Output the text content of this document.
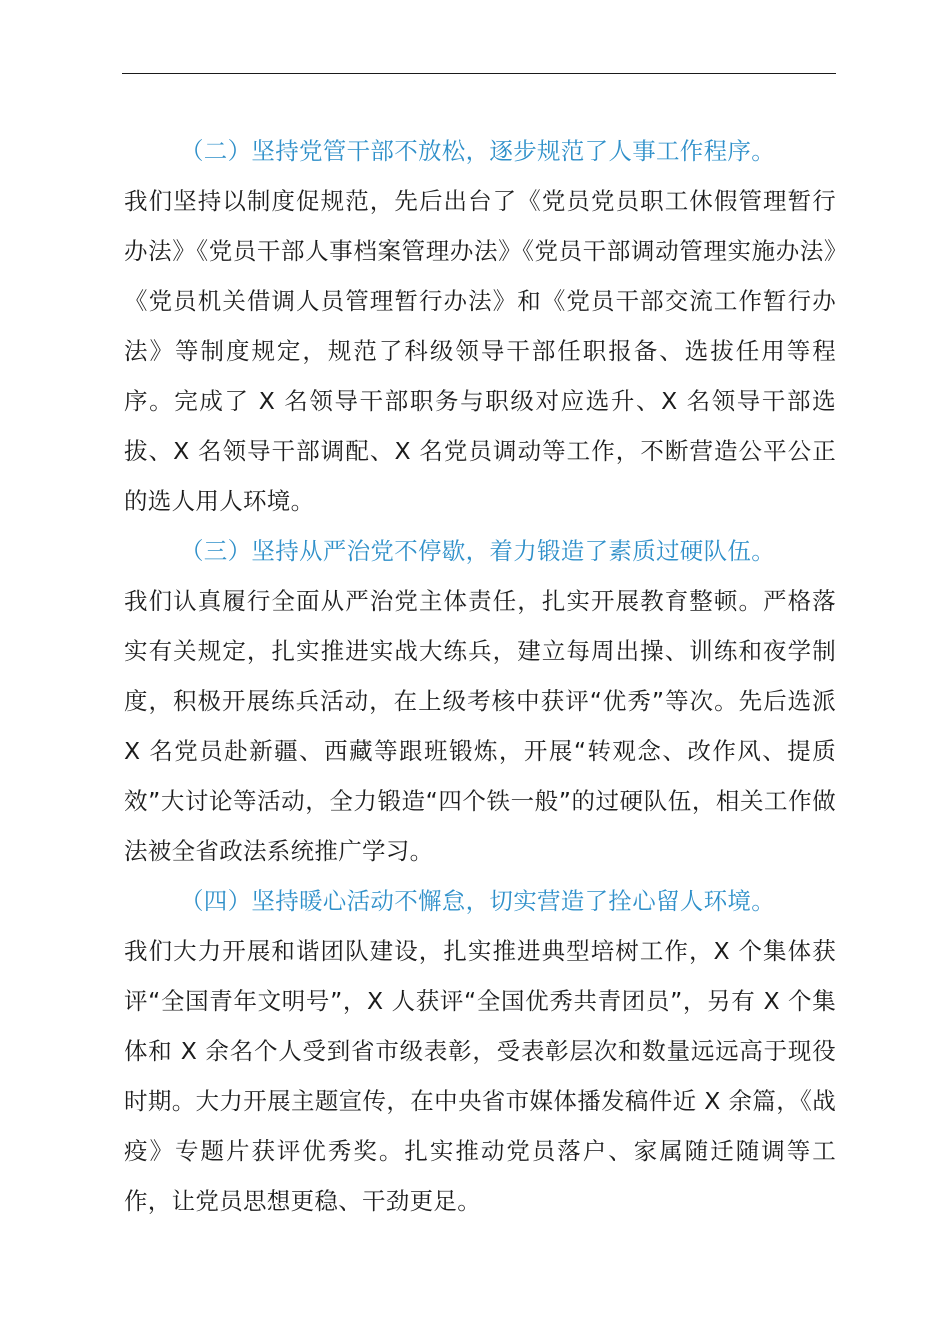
（二）坚持党管干部不放松，逐步规范了人事工作程序。

我们坚持以制度促规范，先后出台了《党员党员职工休假管理暂行办法》《党员干部人事档案管理办法》《党员干部调动管理实施办法》《党员机关借调人员管理暂行办法》和《党员干部交流工作暂行办法》等制度规定，规范了科级领导干部任职报备、选拔任用等程序。完成了 X 名领导干部职务与职级对应选升、X 名领导干部选拔、X 名领导干部调配、X 名党员调动等工作，不断营造公平公正的选人用人环境。

（三）坚持从严治党不停歇，着力锻造了素质过硬队伍。

我们认真履行全面从严治党主体责任，扎实开展教育整顿。严格落实有关规定，扎实推进实战大练兵，建立每周出操、训练和夜学制度，积极开展练兵活动，在上级考核中获评“优秀”等次。先后选派 X 名党员赴新疆、西藏等跟班锻炼，开展“转观念、改作风、提质效”大讨论等活动，全力锻造“四个铁一般”的过硬队伍，相关工作做法被全省政法系统推广学习。

（四）坚持暖心活动不懈怠，切实营造了拴心留人环境。

我们大力开展和谐团队建设，扎实推进典型培树工作，X 个集体获评“全国青年文明号”，X 人获评“全国优秀共青团员”，另有 X 个集体和 X 余名个人受到省市级表彰，受表彰层次和数量远远高于现役时期。大力开展主题宣传，在中央省市媒体播发稿件近 X 余篇，《战疫》专题片获评优秀奖。扎实推动党员落户、家属随迁随调等工作，让党员思想更稳、干劲更足。
